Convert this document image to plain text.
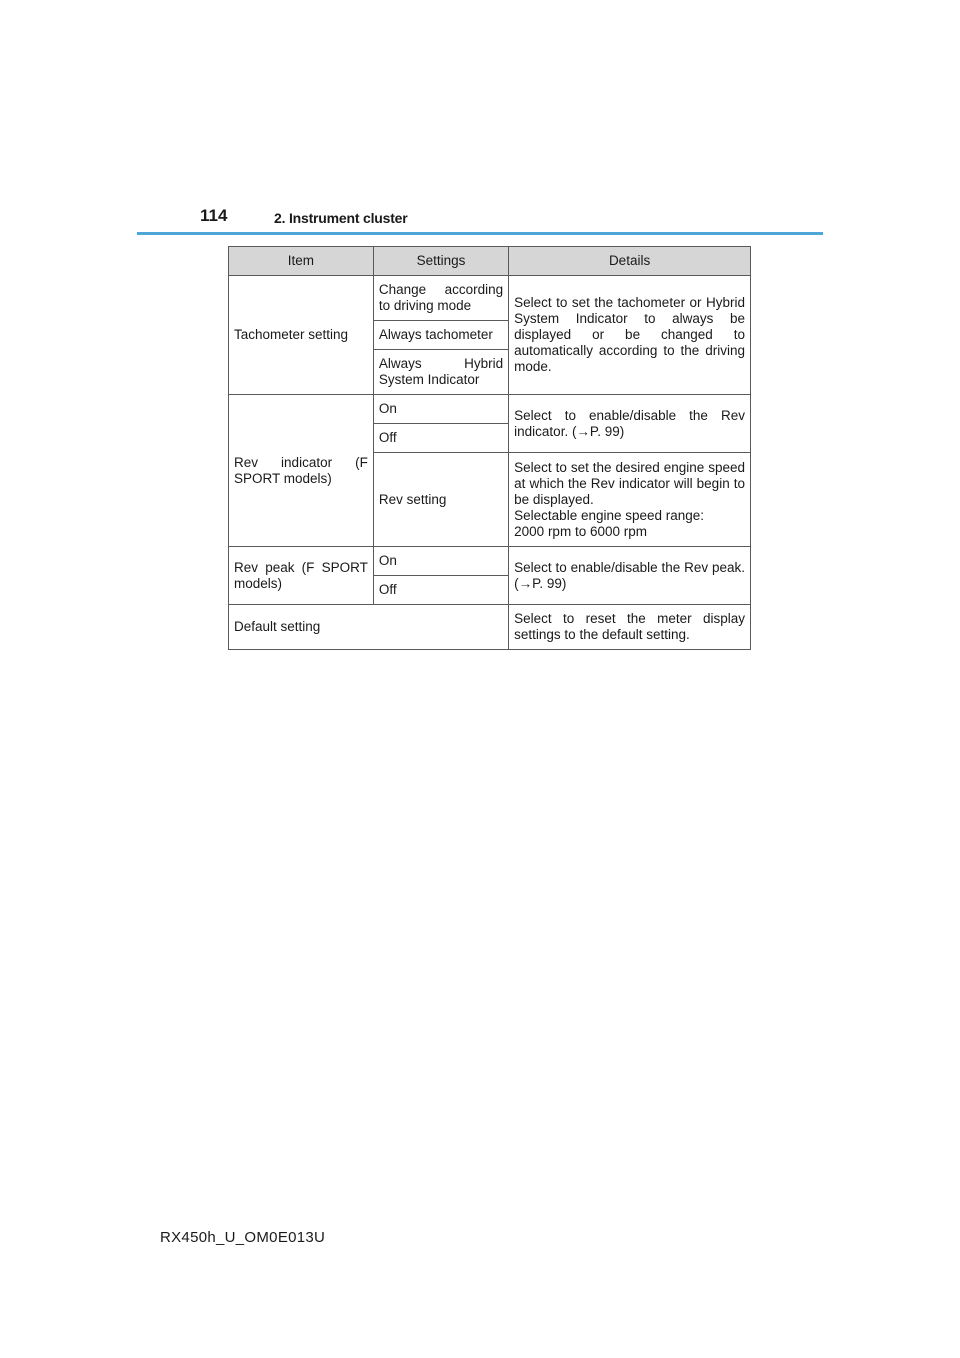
114	2. Instrument cluster
Item	Settings	Details
Tachometer setting	Change according to driving mode	Select to set the tachometer or Hybrid System Indicator to always be displayed or be changed to automatically according to the driving mode.
	Always tachometer	
	Always Hybrid System Indicator	
Rev indicator (F SPORT models)	On	Select to enable/disable the Rev indicator. (→P. 99)
	Off	
	Rev setting	Select to set the desired engine speed at which the Rev indicator will begin to be displayed.
Selectable engine speed range:
2000 rpm to 6000 rpm

Rev peak (F SPORT models)	On	Select to enable/disable the Rev peak. (→P. 99)
	Off	
Default setting		Select to reset the meter display settings to the default setting.
RX450h_U_OM0E013U
